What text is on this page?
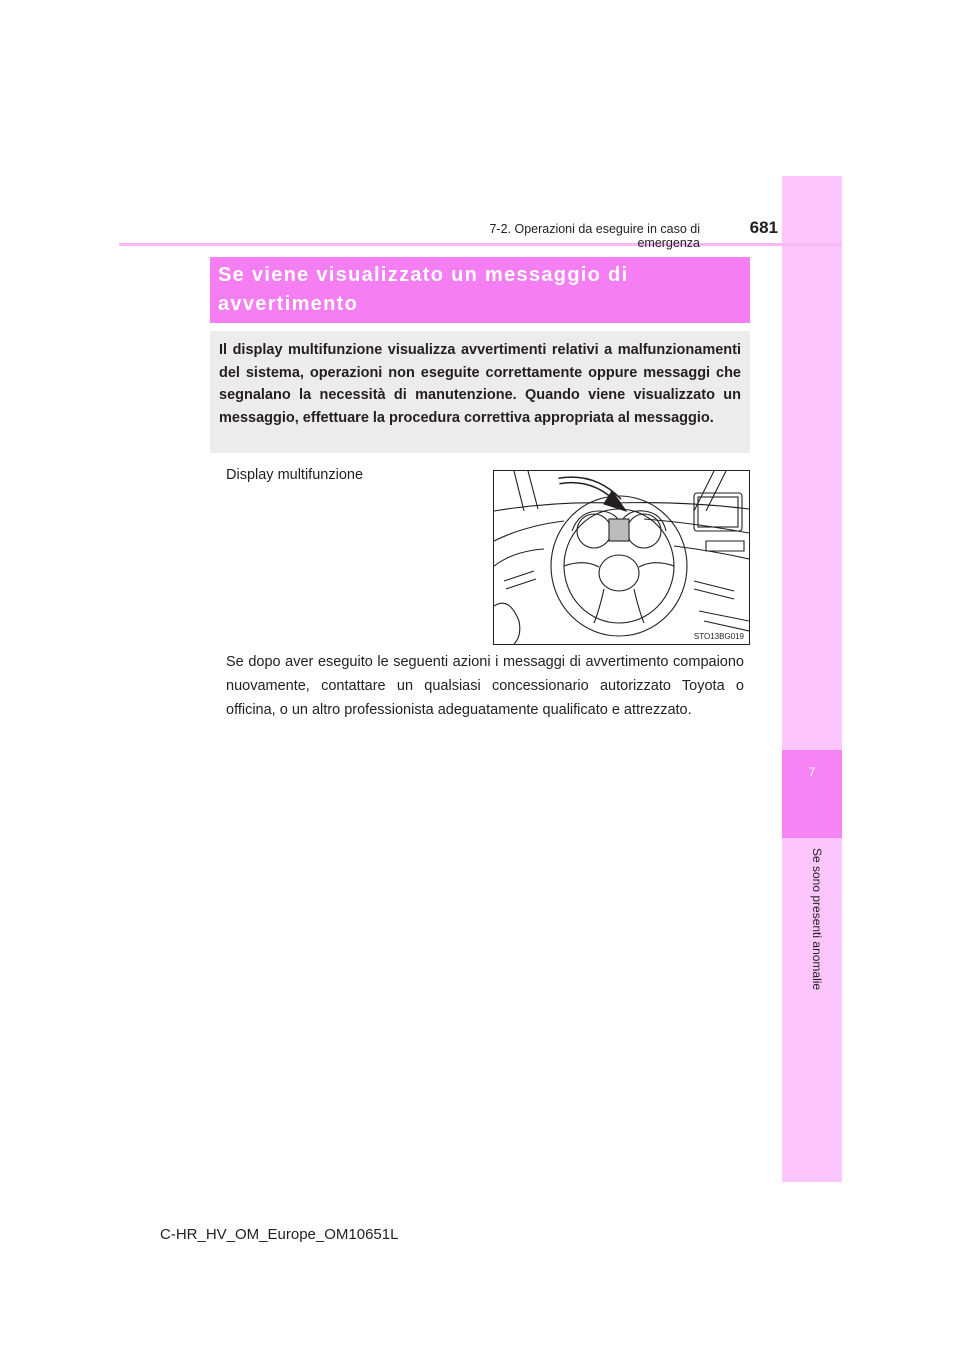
7
Se sono presenti anomalie
7-2. Operazioni da eseguire in caso di emergenza
681

Se viene visualizzato un messaggio di
avvertimento

Il display multifunzione visualizza avvertimenti relativi a malfunzionamenti del sistema, operazioni non eseguite correttamente oppure messaggi che segnalano la necessità di manutenzione. Quando viene visualizzato un messaggio, effettuare la procedura correttiva appropriata al messaggio.

Display multifunzione
STO13BG019

Se dopo aver eseguito le seguenti azioni i messaggi di avvertimento compaiono nuovamente, contattare un qualsiasi concessionario autorizzato Toyota o officina, o un altro professionista adeguatamente qualificato e attrezzato.

C-HR_HV_OM_Europe_OM10651L
